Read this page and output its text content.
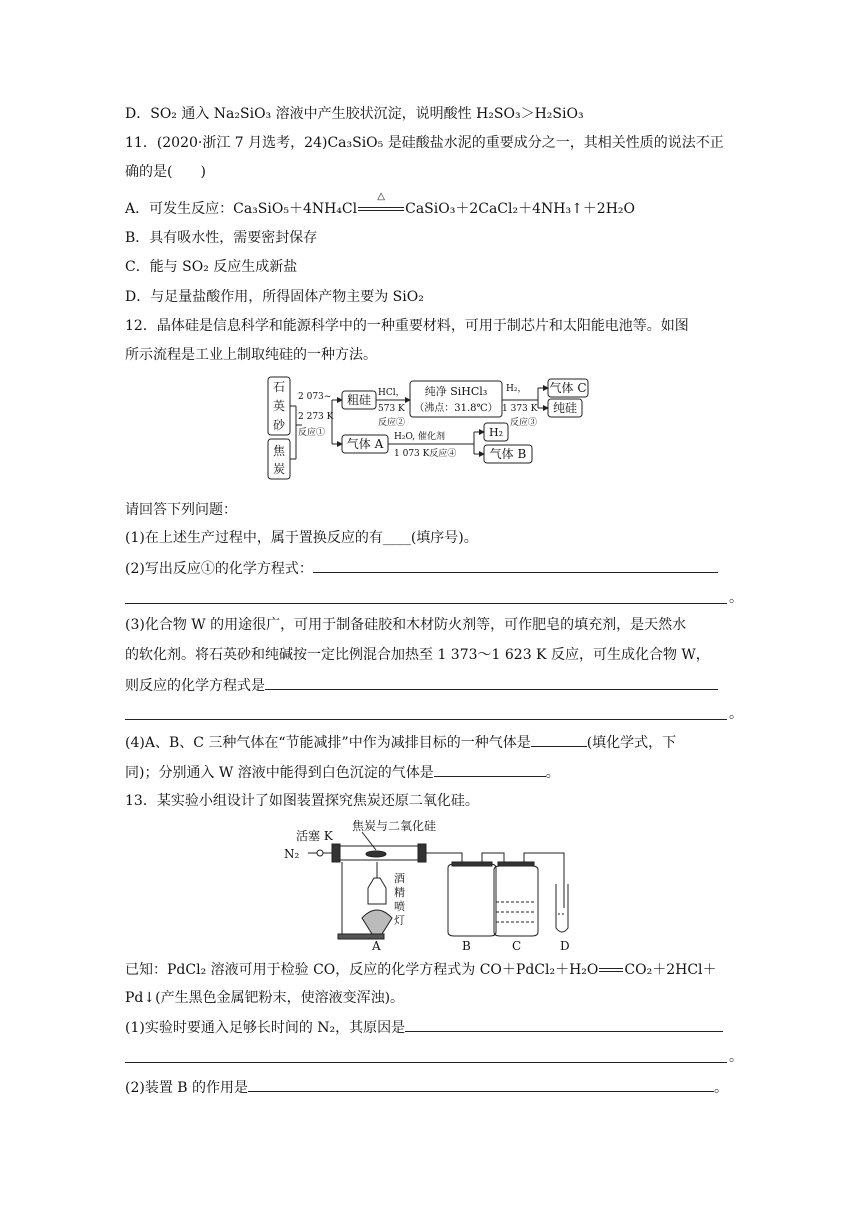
D．SO₂ 通入 Na₂SiO₃ 溶液中产生胶状沉淀，说明酸性 H₂SO₃＞H₂SiO₃
11．(2020·浙江 7 月选考，24)Ca₃SiO₅ 是硅酸盐水泥的重要成分之一，其相关性质的说法不正
确的是(　　)
A．可发生反应：Ca₃SiO₅＋4NH₄Cl
△
CaSiO₃＋2CaCl₂＋4NH₃↑＋2H₂O
B．具有吸水性，需要密封保存
C．能与 SO₂ 反应生成新盐
D．与足量盐酸作用，所得固体产物主要为 SiO₂
12．晶体硅是信息科学和能源科学中的一种重要材料，可用于制芯片和太阳能电池等。如图
所示流程是工业上制取纯硅的一种方法。
石
英
砂
焦
炭
粗硅
纯净 SiHCl₃
（沸点：31.8℃）
气体 C
纯硅
气体 A
H₂
气体 B
2 073~
2 273 K
反应①
HCl，
573 K
反应②
H₂，
1 373 K
反应③
H₂O, 催化剂
1 073 K反应④
请回答下列问题：
(1)在上述生产过程中，属于置换反应的有____(填序号)。
(2)写出反应①的化学方程式：
。
(3)化合物 W 的用途很广，可用于制备硅胶和木材防火剂等，可作肥皂的填充剂，是天然水
的软化剂。将石英砂和纯碱按一定比例混合加热至 1 373～1 623 K 反应，可生成化合物 W，
则反应的化学方程式是
。
(4)A、B、C 三种气体在“节能减排”中作为减排目标的一种气体是	(填化学式，下
同)；分别通入 W 溶液中能得到白色沉淀的气体是	。
13．某实验小组设计了如图装置探究焦炭还原二氧化硅。
活塞 K
N₂
焦炭与二氧化硅
酒
精
喷
灯
A	B	C	D
已知：PdCl₂ 溶液可用于检验 CO，反应的化学方程式为 CO＋PdCl₂＋H₂O CO₂＋2HCl＋
Pd↓(产生黑色金属钯粉末，使溶液变浑浊)。
(1)实验时要通入足够长时间的 N₂，其原因是
。
(2)装置 B 的作用是	。
